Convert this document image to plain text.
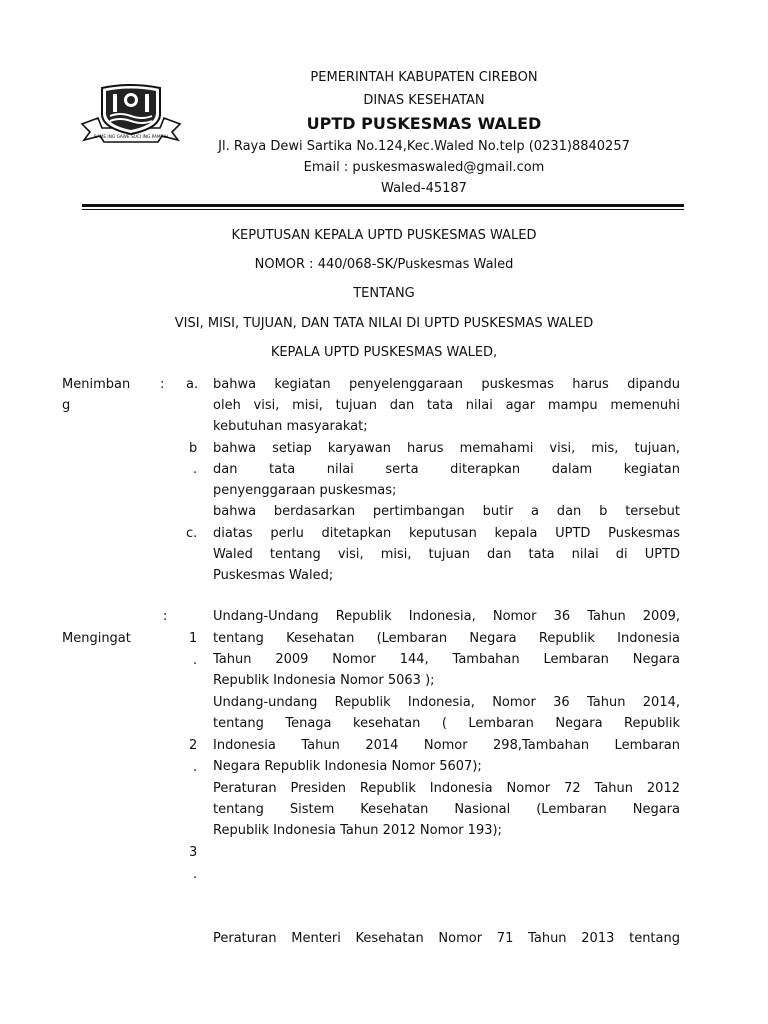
RAME ING GAWE SUCI ING PAMRIH
PEMERINTAH KABUPATEN CIREBON
DINAS KESEHATAN
UPTD PUSKESMAS WALED
Jl. Raya Dewi Sartika No.124,Kec.Waled No.telp (0231)8840257
Email : puskesmaswaled@gmail.com
Waled-45187
KEPUTUSAN KEPALA UPTD PUSKESMAS WALED
NOMOR : 440/068-SK/Puskesmas Waled
TENTANG
VISI, MISI, TUJUAN, DAN TATA NILAI DI UPTD PUSKESMAS WALED
KEPALA UPTD PUSKESMAS WALED,
Menimban
g
: a.
b
.
c.
bahwa kegiatan penyelenggaraan puskesmas harus dipandu
oleh visi, misi, tujuan dan tata nilai agar mampu memenuhi
kebutuhan masyarakat;
bahwa setiap karyawan harus memahami visi, mis, tujuan,
dan tata nilai serta diterapkan dalam kegiatan
penyenggaraan puskesmas;
bahwa berdasarkan pertimbangan butir a dan b tersebut
diatas perlu ditetapkan keputusan kepala UPTD Puskesmas
Waled tentang visi, misi, tujuan dan tata nilai di UPTD
Puskesmas Waled;
:
Mengingat	1
.
2
.
3
.
Undang-Undang Republik Indonesia, Nomor 36 Tahun 2009,
tentang Kesehatan (Lembaran Negara Republik Indonesia
Tahun 2009 Nomor 144, Tambahan Lembaran Negara
Republik Indonesia Nomor 5063 );
Undang-undang Republik Indonesia, Nomor 36 Tahun 2014,
tentang Tenaga kesehatan ( Lembaran Negara Republik
Indonesia Tahun 2014 Nomor 298,Tambahan Lembaran
Negara Republik Indonesia Nomor 5607);
Peraturan Presiden Republik Indonesia Nomor 72 Tahun 2012
tentang Sistem Kesehatan Nasional (Lembaran Negara
Republik Indonesia Tahun 2012 Nomor 193);
Peraturan Menteri Kesehatan Nomor 71 Tahun 2013 tentang
